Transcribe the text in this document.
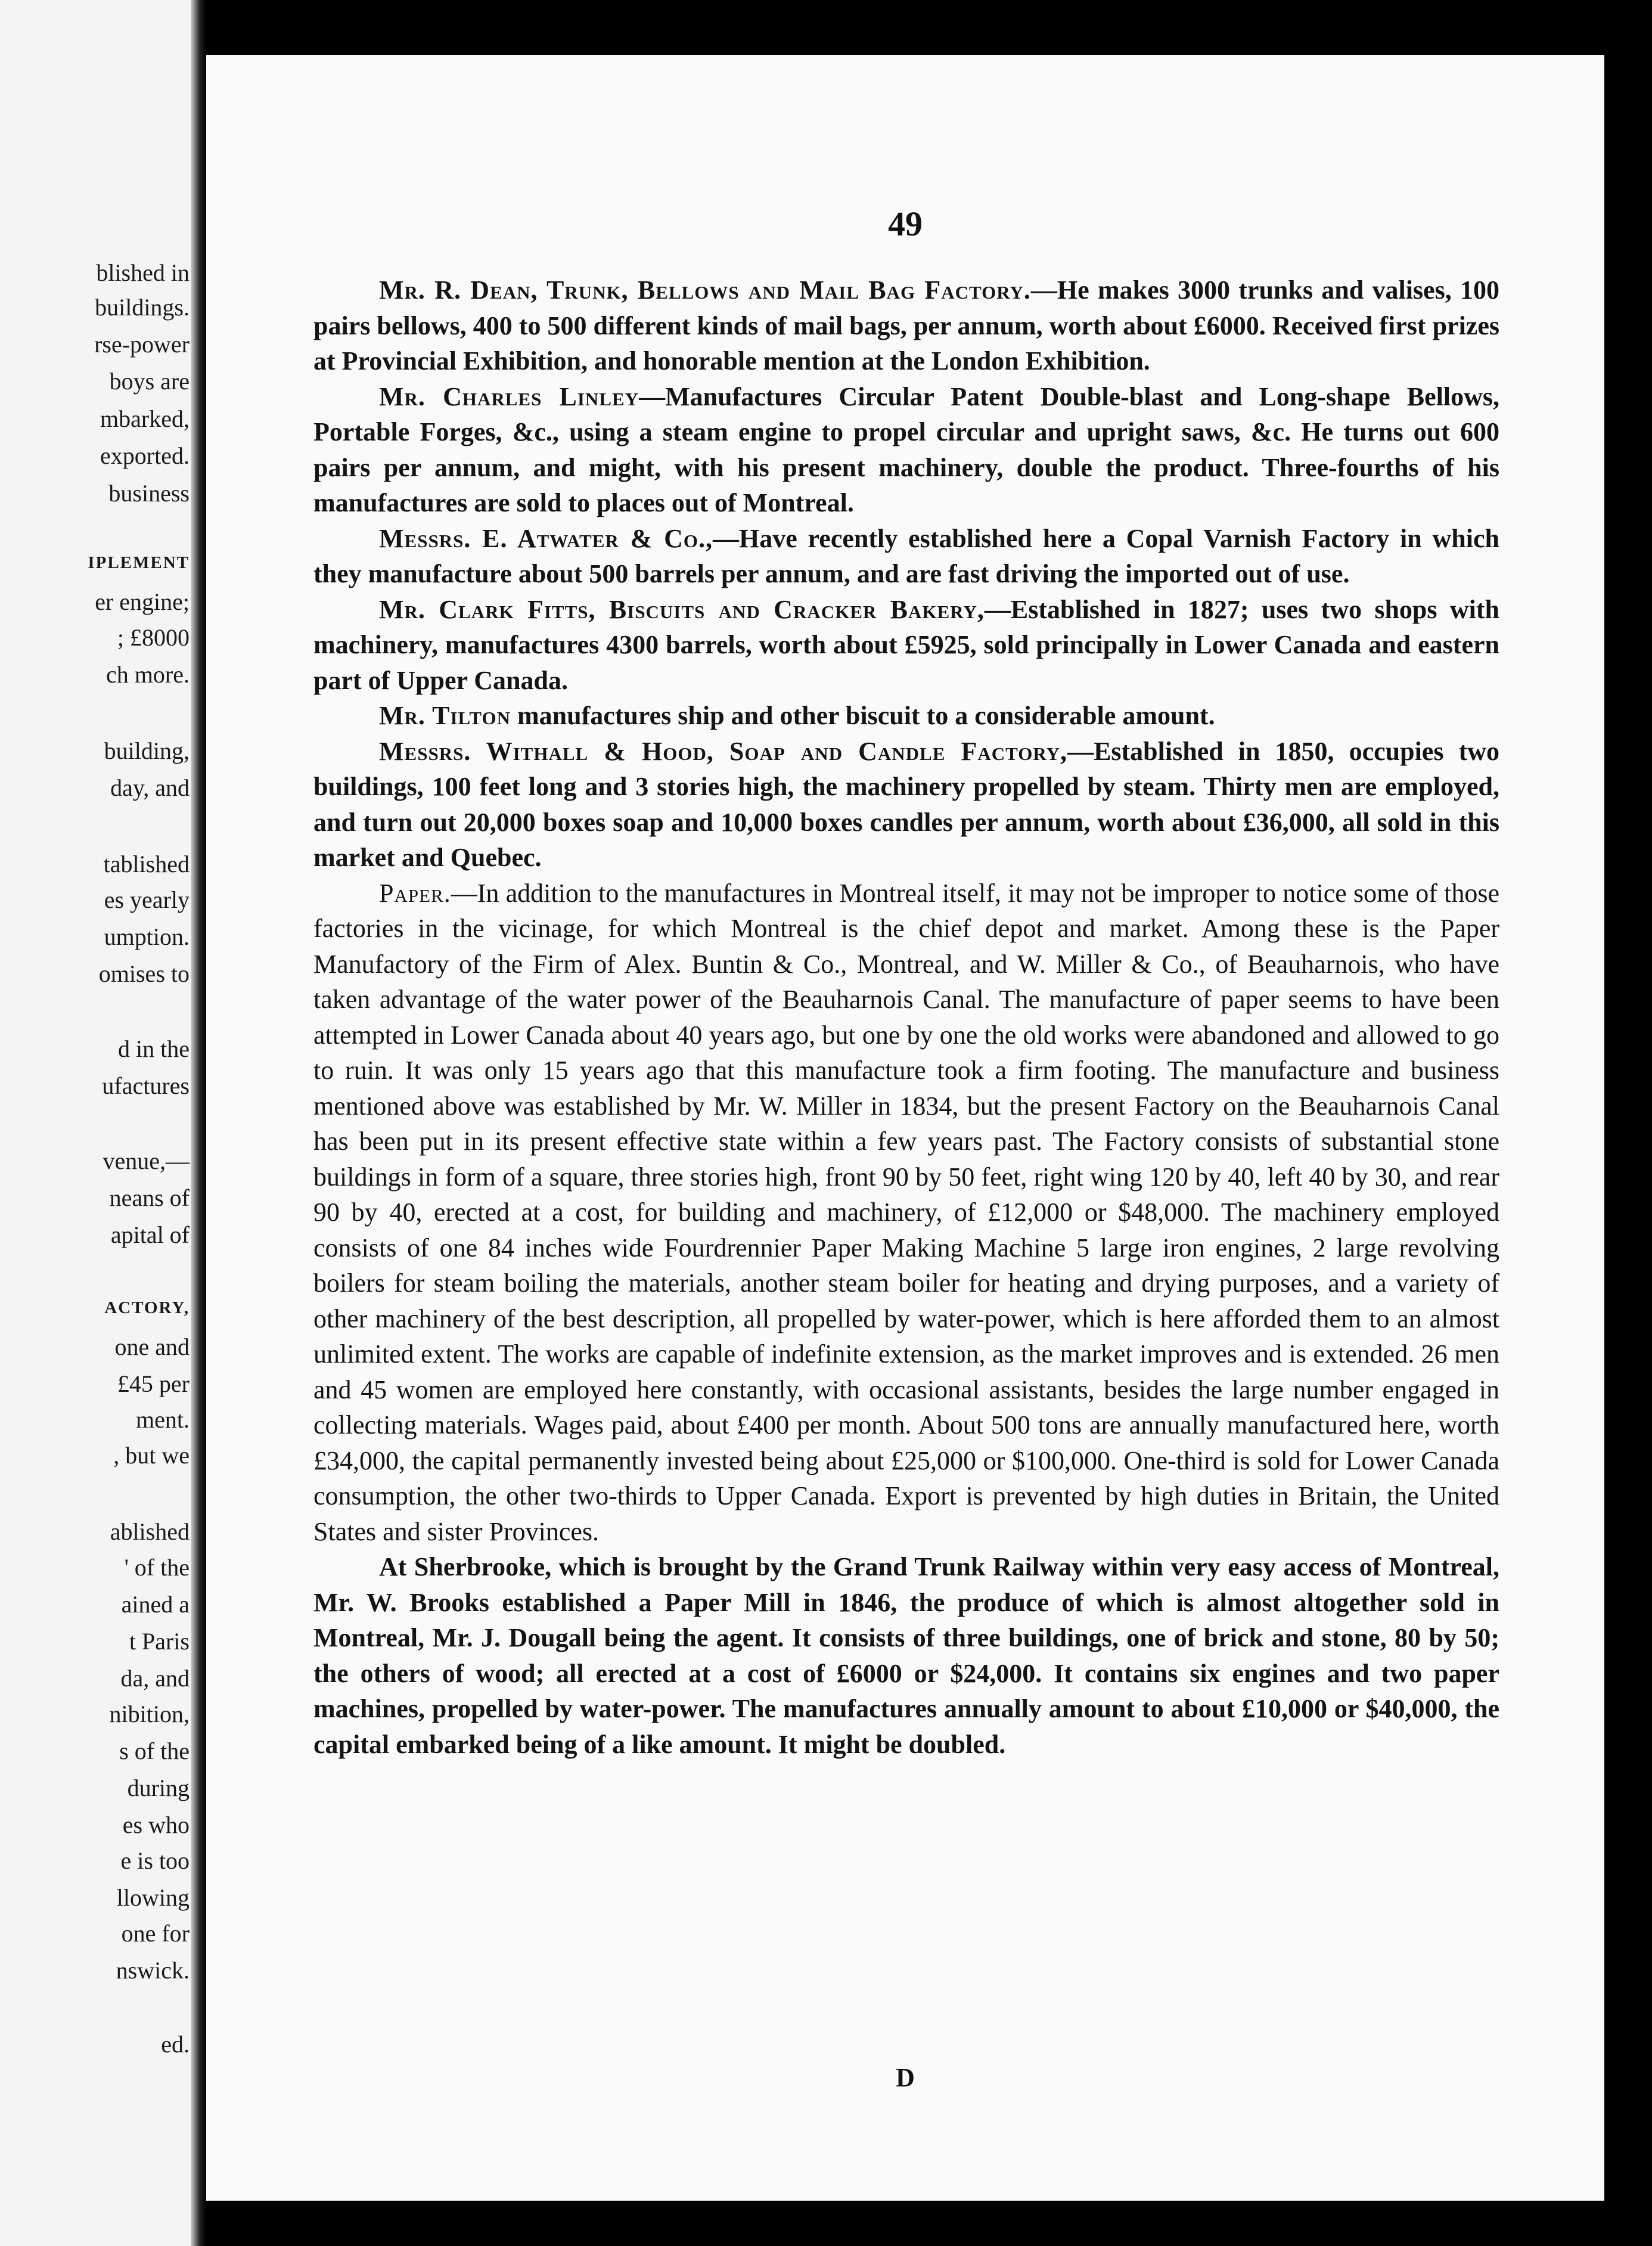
blished in
buildings.
rse-power
boys are
mbarked,
exported.
business
IPLEMENT
er engine;
; £8000
ch more.
building,
day, and
tablished
es yearly
umption.
omises to
d in the
ufactures
venue,—
neans of
apital of
ACTORY,
one and
£45 per
ment.
, but we
ablished
' of the
ained a
t Paris
da, and
nibition,
s of the
during
es who
e is too
llowing
one for
nswick.
ed.
49

Mr. R. Dean, Trunk, Bellows and Mail Bag Factory.—He makes 3000 trunks and valises, 100 pairs bellows, 400 to 500 different kinds of mail bags, per annum, worth about £6000. Received first prizes at Provincial Exhibition, and honorable mention at the London Exhibition.

Mr. Charles Linley—Manufactures Circular Patent Double-blast and Long-shape Bellows, Portable Forges, &c., using a steam engine to propel circular and upright saws, &c. He turns out 600 pairs per annum, and might, with his present machinery, double the product. Three-fourths of his manufactures are sold to places out of Montreal.

Messrs. E. Atwater & Co.,—Have recently established here a Copal Varnish Factory in which they manufacture about 500 barrels per annum, and are fast driving the imported out of use.

Mr. Clark Fitts, Biscuits and Cracker Bakery,—Established in 1827; uses two shops with machinery, manufactures 4300 barrels, worth about £5925, sold principally in Lower Canada and eastern part of Upper Canada.

Mr. Tilton manufactures ship and other biscuit to a considerable amount.

Messrs. Withall & Hood, Soap and Candle Factory,—Established in 1850, occupies two buildings, 100 feet long and 3 stories high, the machinery propelled by steam. Thirty men are employed, and turn out 20,000 boxes soap and 10,000 boxes candles per annum, worth about £36,000, all sold in this market and Quebec.

Paper.—In addition to the manufactures in Montreal itself, it may not be improper to notice some of those factories in the vicinage, for which Montreal is the chief depot and market. Among these is the Paper Manufactory of the Firm of Alex. Buntin & Co., Montreal, and W. Miller & Co., of Beauharnois, who have taken advantage of the water power of the Beauharnois Canal. The manufacture of paper seems to have been attempted in Lower Canada about 40 years ago, but one by one the old works were abandoned and allowed to go to ruin. It was only 15 years ago that this manufacture took a firm footing. The manufacture and business mentioned above was established by Mr. W. Miller in 1834, but the present Factory on the Beauharnois Canal has been put in its present effective state within a few years past. The Factory consists of substantial stone buildings in form of a square, three stories high, front 90 by 50 feet, right wing 120 by 40, left 40 by 30, and rear 90 by 40, erected at a cost, for building and machinery, of £12,000 or $48,000. The machinery employed consists of one 84 inches wide Fourdrennier Paper Making Machine 5 large iron engines, 2 large revolving boilers for steam boiling the materials, another steam boiler for heating and drying purposes, and a variety of other machinery of the best description, all propelled by water-power, which is here afforded them to an almost unlimited extent. The works are capable of indefinite extension, as the market improves and is extended. 26 men and 45 women are employed here constantly, with occasional assistants, besides the large number engaged in collecting materials. Wages paid, about £400 per month. About 500 tons are annually manufactured here, worth £34,000, the capital permanently invested being about £25,000 or $100,000. One-third is sold for Lower Canada consumption, the other two-thirds to Upper Canada. Export is prevented by high duties in Britain, the United States and sister Provinces.

At Sherbrooke, which is brought by the Grand Trunk Railway within very easy access of Montreal, Mr. W. Brooks established a Paper Mill in 1846, the produce of which is almost altogether sold in Montreal, Mr. J. Dougall being the agent. It consists of three buildings, one of brick and stone, 80 by 50; the others of wood; all erected at a cost of £6000 or $24,000. It contains six engines and two paper machines, propelled by water-power. The manufactures annually amount to about £10,000 or $40,000, the capital embarked being of a like amount. It might be doubled.

D
